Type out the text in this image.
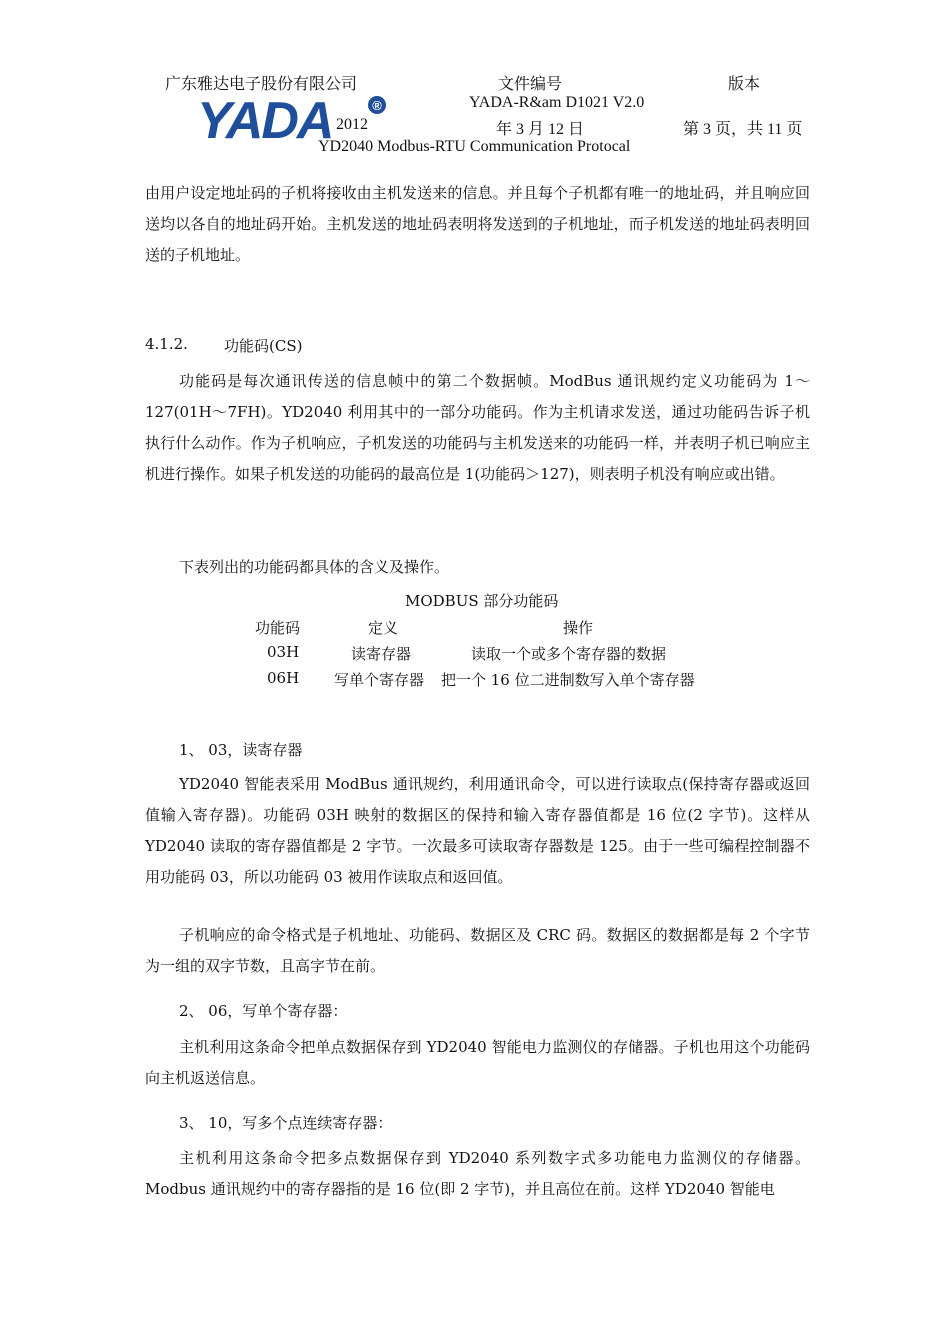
广东雅达电子股份有限公司	文件编号	版本
YADA	®	YADA-R&am D1021 V2.0
2012	年 3 月 12 日	第 3 页，共 11 页
YD2040 Modbus-RTU Communication Protocal
由用户设定地址码的子机将接收由主机发送来的信息。并且每个子机都有唯一的地址码，并且响应回送均以各自的地址码开始。主机发送的地址码表明将发送到的子机地址，而子机发送的地址码表明回送的子机地址。
4.1.2. 功能码(CS)
功能码是每次通讯传送的信息帧中的第二个数据帧。ModBus 通讯规约定义功能码为 1～127(01H～7FH)。YD2040 利用其中的一部分功能码。作为主机请求发送，通过功能码告诉子机执行什么动作。作为子机响应，子机发送的功能码与主机发送来的功能码一样，并表明子机已响应主机进行操作。如果子机发送的功能码的最高位是 1(功能码＞127)，则表明子机没有响应或出错。
下表列出的功能码都具体的含义及操作。
MODBUS 部分功能码
功能码	定义	操作
03H	读寄存器	读取一个或多个寄存器的数据
06H 写单个寄存器 把一个 16 位二进制数写入单个寄存器
1、 03，读寄存器
YD2040 智能表采用 ModBus 通讯规约，利用通讯命令，可以进行读取点(保持寄存器或返回值输入寄存器)。功能码 03H 映射的数据区的保持和输入寄存器值都是 16 位(2 字节)。这样从 YD2040 读取的寄存器值都是 2 字节。一次最多可读取寄存器数是 125。由于一些可编程控制器不用功能码 03，所以功能码 03 被用作读取点和返回值。
子机响应的命令格式是子机地址、功能码、数据区及 CRC 码。数据区的数据都是每 2 个字节为一组的双字节数，且高字节在前。
2、 06，写单个寄存器：
主机利用这条命令把单点数据保存到 YD2040 智能电力监测仪的存储器。子机也用这个功能码向主机返送信息。
3、 10，写多个点连续寄存器：
主机利用这条命令把多点数据保存到 YD2040 系列数字式多功能电力监测仪的存储器。Modbus 通讯规约中的寄存器指的是 16 位(即 2 字节)，并且高位在前。这样 YD2040 智能电
